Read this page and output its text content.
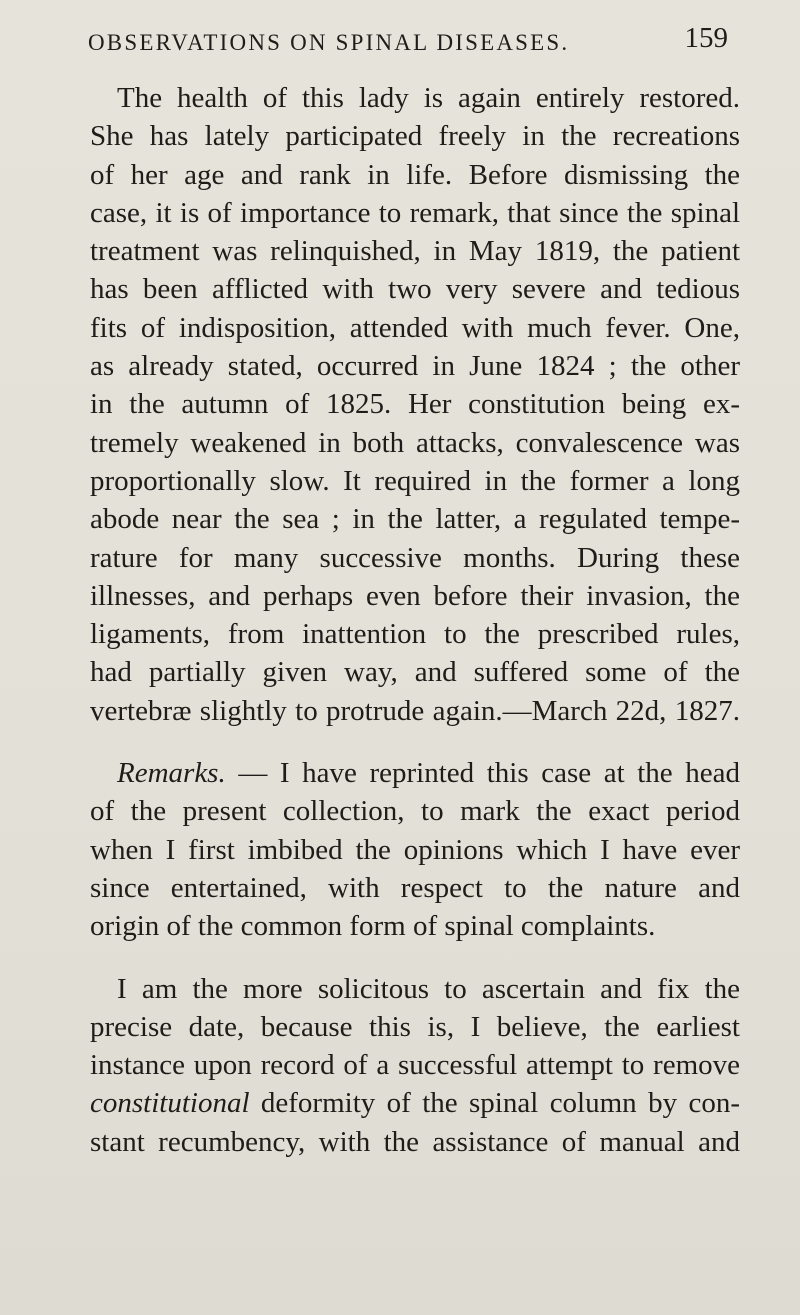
OBSERVATIONS ON SPINAL DISEASES.	159
The health of this lady is again entirely restored.
She has lately participated freely in the recreations
of her age and rank in life. Before dismissing the
case, it is of importance to remark, that since the spinal
treatment was relinquished, in May 1819, the patient
has been afflicted with two very severe and tedious
fits of indisposition, attended with much fever. One,
as already stated, occurred in June 1824 ; the other
in the autumn of 1825. Her constitution being ex-
tremely weakened in both attacks, convalescence was
proportionally slow. It required in the former a long
abode near the sea ; in the latter, a regulated tempe-
rature for many successive months. During these
illnesses, and perhaps even before their invasion, the
ligaments, from inattention to the prescribed rules,
had partially given way, and suffered some of the
vertebræ slightly to protrude again.—March 22d, 1827.
Remarks. — I have reprinted this case at the head
of the present collection, to mark the exact period
when I first imbibed the opinions which I have ever
since entertained, with respect to the nature and
origin of the common form of spinal complaints.
I am the more solicitous to ascertain and fix the
precise date, because this is, I believe, the earliest
instance upon record of a successful attempt to remove
constitutional deformity of the spinal column by con-
stant recumbency, with the assistance of manual and
